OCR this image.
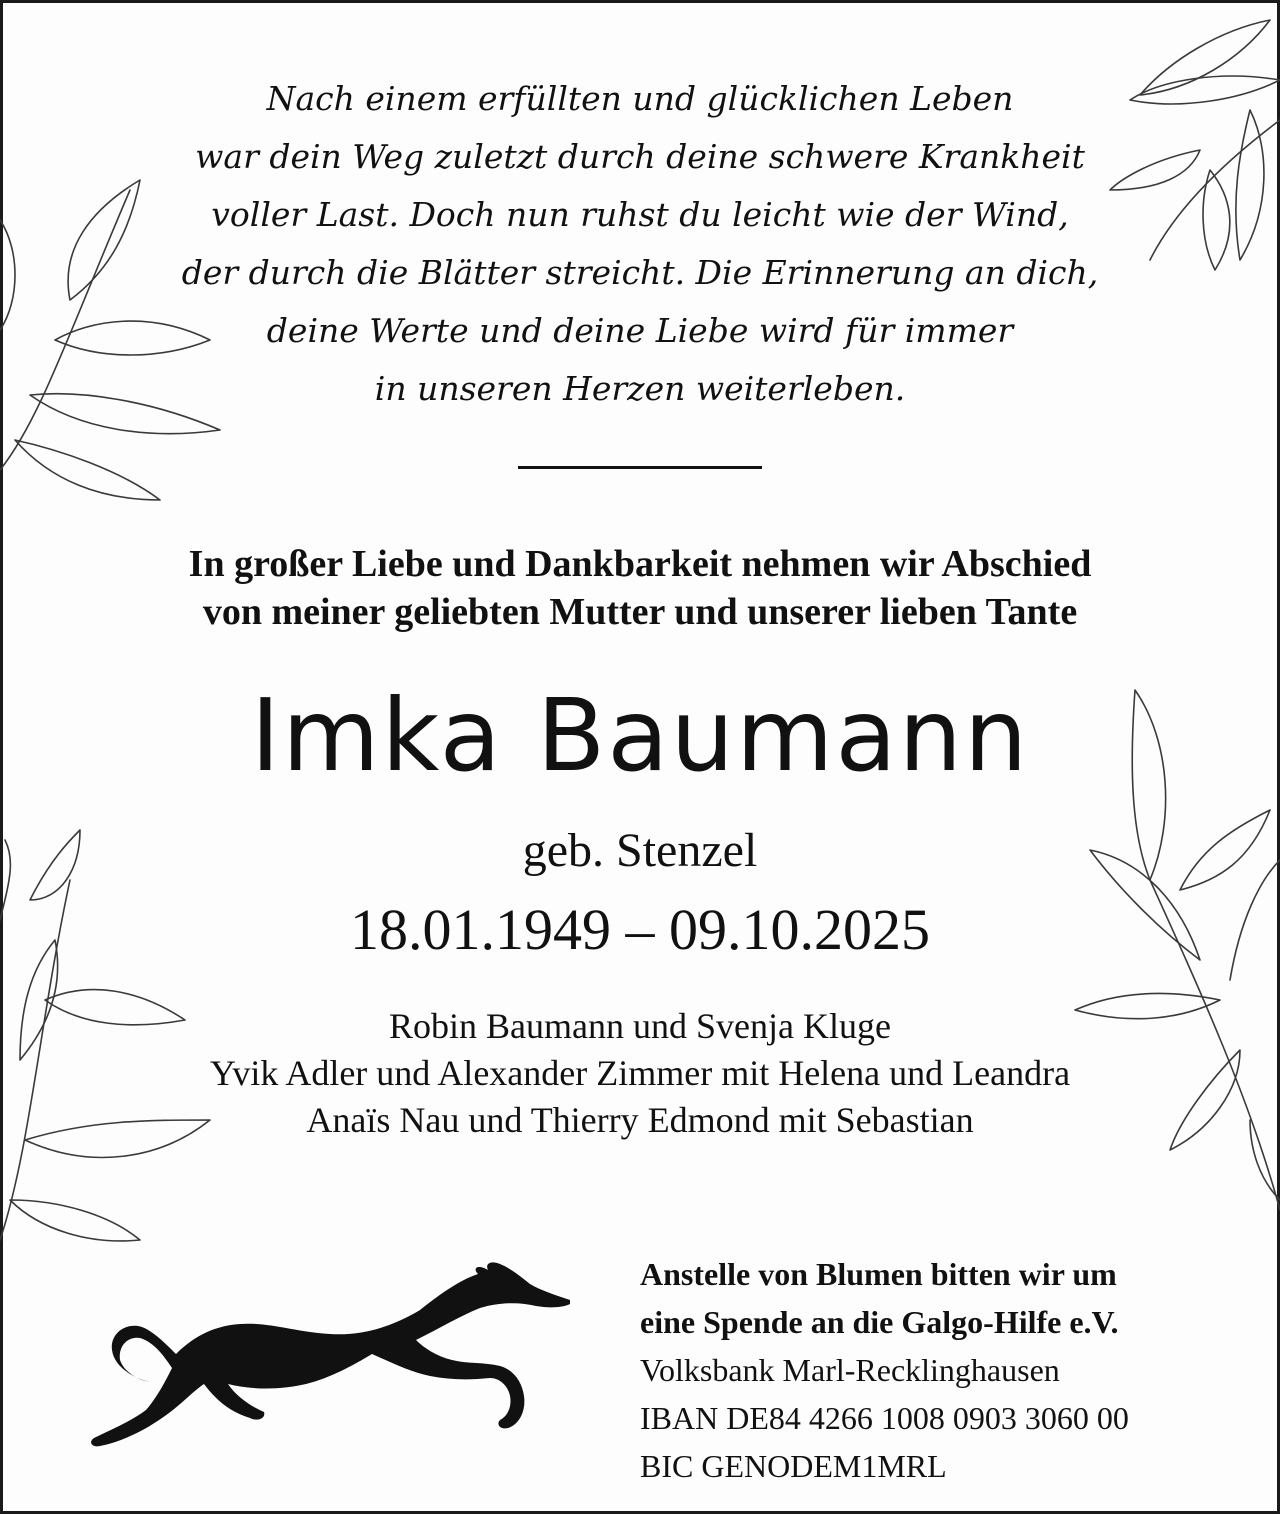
Nach einem erfüllten und glücklichen Leben
war dein Weg zuletzt durch deine schwere Krankheit
voller Last. Doch nun ruhst du leicht wie der Wind,
der durch die Blätter streicht. Die Erinnerung an dich,
deine Werte und deine Liebe wird für immer
in unseren Herzen weiterleben.
In großer Liebe und Dankbarkeit nehmen wir Abschied
von meiner geliebten Mutter und unserer lieben Tante
Imka Baumann
geb. Stenzel
18.01.1949 – 09.10.2025
Robin Baumann und Svenja Kluge
Yvik Adler und Alexander Zimmer mit Helena und Leandra
Anaïs Nau und Thierry Edmond mit Sebastian
Anstelle von Blumen bitten wir um
eine Spende an die Galgo-Hilfe e.V.
Volksbank Marl-Recklinghausen
IBAN DE84 4266 1008 0903 3060 00
BIC GENODEM1MRL
